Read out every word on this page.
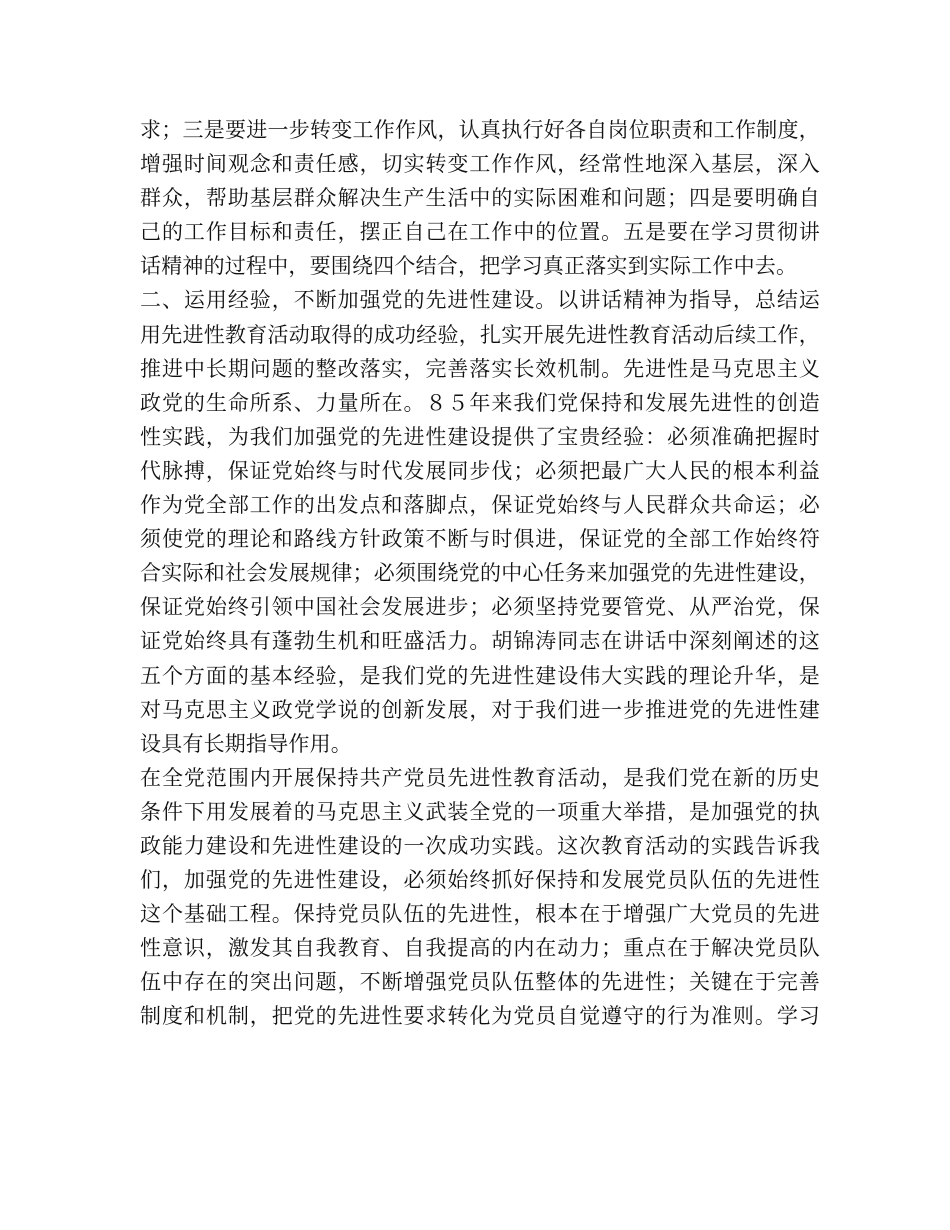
求；三是要进一步转变工作作风，认真执行好各自岗位职责和工作制度，
增强时间观念和责任感，切实转变工作作风，经常性地深入基层，深入
群众，帮助基层群众解决生产生活中的实际困难和问题；四是要明确自
己的工作目标和责任，摆正自己在工作中的位置。五是要在学习贯彻讲
话精神的过程中，要围绕四个结合，把学习真正落实到实际工作中去。
二、运用经验，不断加强党的先进性建设。以讲话精神为指导，总结运
用先进性教育活动取得的成功经验，扎实开展先进性教育活动后续工作，
推进中长期问题的整改落实，完善落实长效机制。先进性是马克思主义
政党的生命所系、力量所在。８５年来我们党保持和发展先进性的创造
性实践，为我们加强党的先进性建设提供了宝贵经验：必须准确把握时
代脉搏，保证党始终与时代发展同步伐；必须把最广大人民的根本利益
作为党全部工作的出发点和落脚点，保证党始终与人民群众共命运；必
须使党的理论和路线方针政策不断与时俱进，保证党的全部工作始终符
合实际和社会发展规律；必须围绕党的中心任务来加强党的先进性建设，
保证党始终引领中国社会发展进步；必须坚持党要管党、从严治党，保
证党始终具有蓬勃生机和旺盛活力。胡锦涛同志在讲话中深刻阐述的这
五个方面的基本经验，是我们党的先进性建设伟大实践的理论升华，是
对马克思主义政党学说的创新发展，对于我们进一步推进党的先进性建
设具有长期指导作用。
在全党范围内开展保持共产党员先进性教育活动，是我们党在新的历史
条件下用发展着的马克思主义武装全党的一项重大举措，是加强党的执
政能力建设和先进性建设的一次成功实践。这次教育活动的实践告诉我
们，加强党的先进性建设，必须始终抓好保持和发展党员队伍的先进性
这个基础工程。保持党员队伍的先进性，根本在于增强广大党员的先进
性意识，激发其自我教育、自我提高的内在动力；重点在于解决党员队
伍中存在的突出问题，不断增强党员队伍整体的先进性；关键在于完善
制度和机制，把党的先进性要求转化为党员自觉遵守的行为准则。学习
